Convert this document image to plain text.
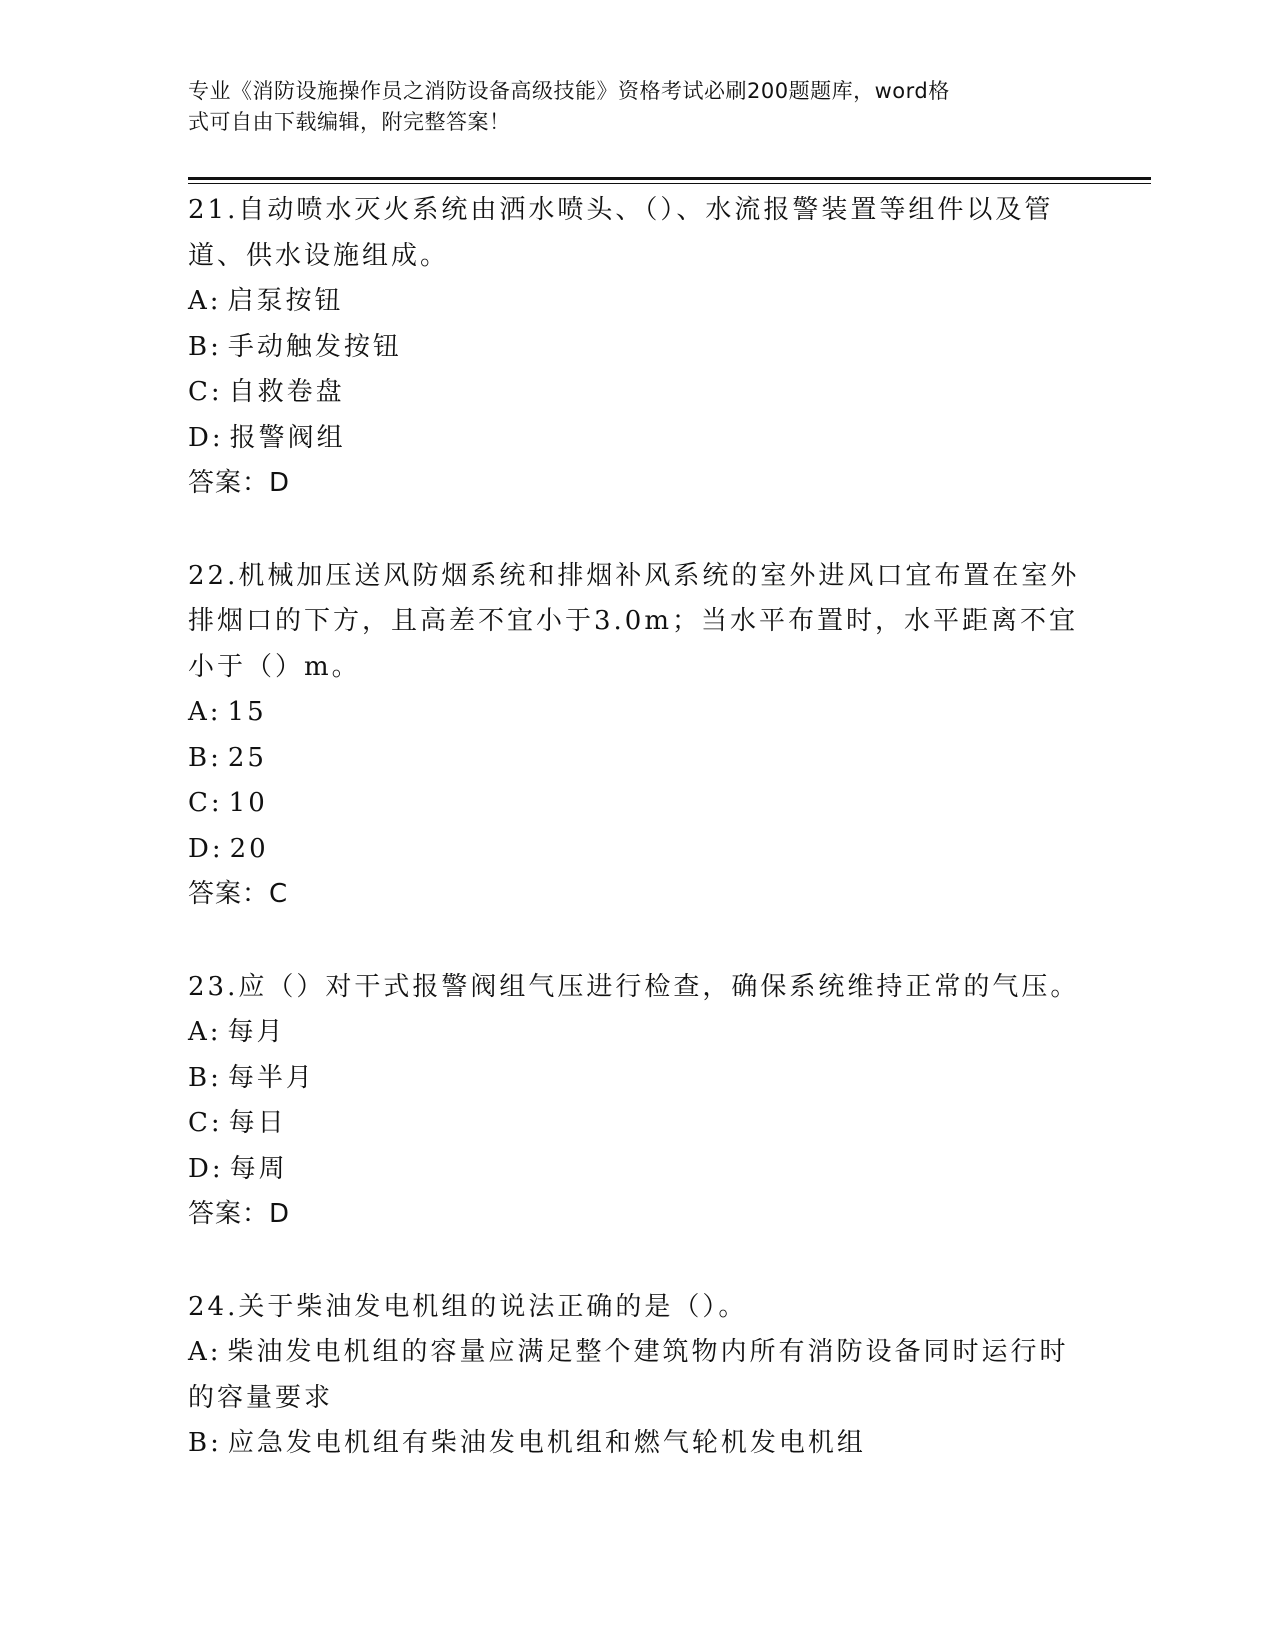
专业《消防设施操作员之消防设备高级技能》资格考试必刷200题题库，word格
式可自由下载编辑，附完整答案！

21.自动喷水灭火系统由洒水喷头、（）、水流报警装置等组件以及管

道、供水设施组成。

A: 启泵按钮

B: 手动触发按钮

C: 自救卷盘

D: 报警阀组

答案：D

22.机械加压送风防烟系统和排烟补风系统的室外进风口宜布置在室外

排烟口的下方，且高差不宜小于3.0m；当水平布置时，水平距离不宜

小于（）m。

A: 15

B: 25

C: 10

D: 20

答案：C

23.应（）对干式报警阀组气压进行检查，确保系统维持正常的气压。

A: 每月

B: 每半月

C: 每日

D: 每周

答案：D

24.关于柴油发电机组的说法正确的是（）。

A: 柴油发电机组的容量应满足整个建筑物内所有消防设备同时运行时

的容量要求

B: 应急发电机组有柴油发电机组和燃气轮机发电机组
